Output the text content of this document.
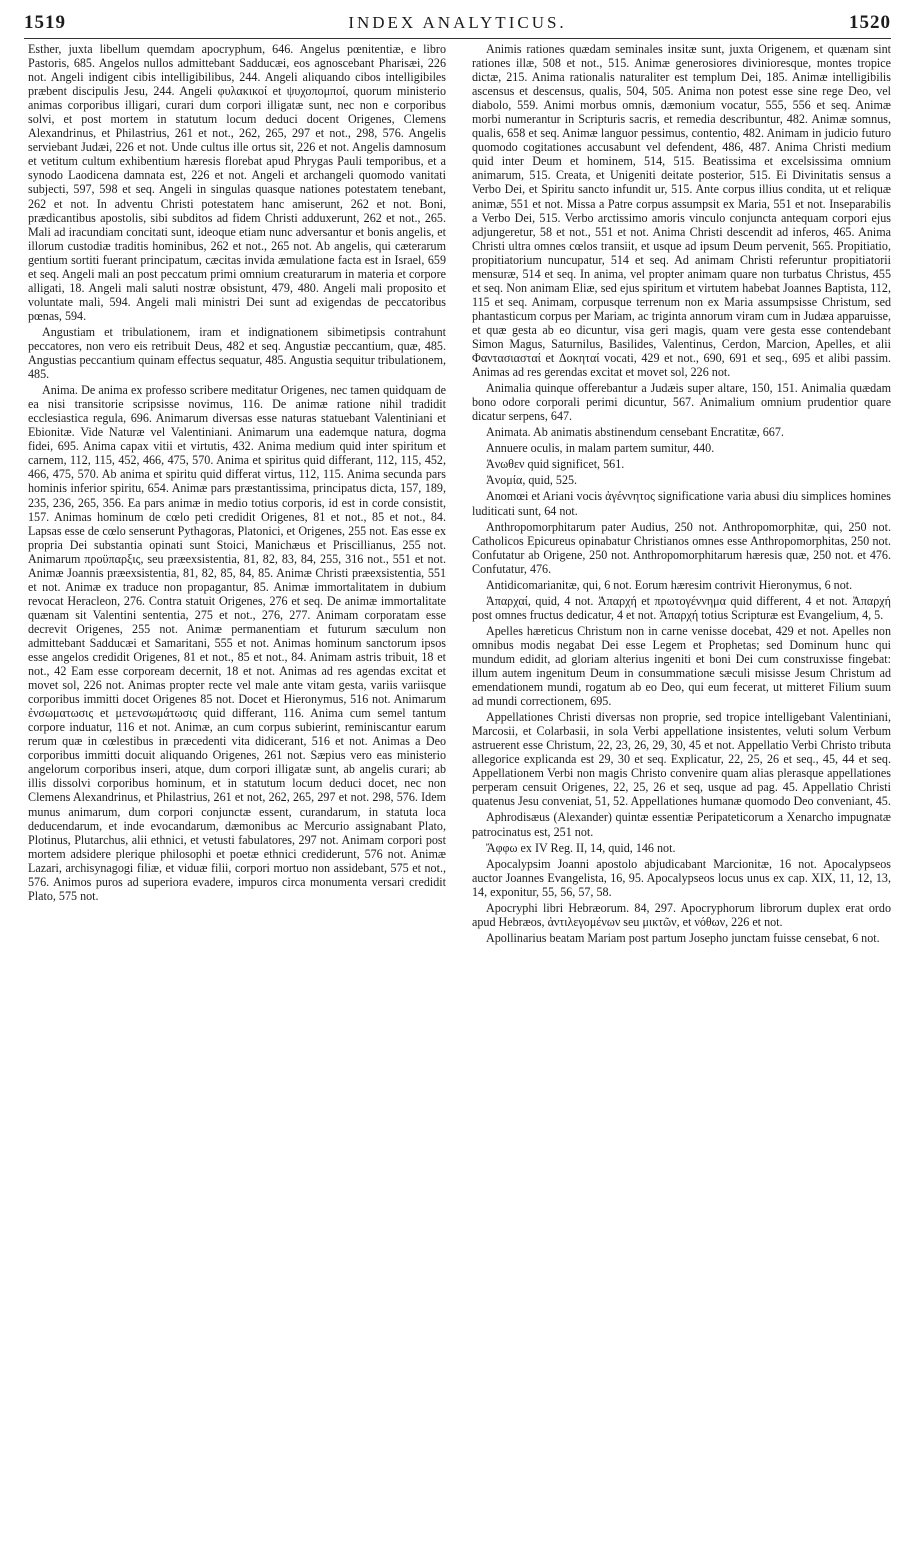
1519	INDEX ANALYTICUS.	1520

Esther, juxta libellum quemdam apocryphum, 646. Angelus pœnitentiæ, e libro Pastoris, 685. Angelos nullos admittebant Sadducæi, eos agnoscebant Pharisæi, 226 not. Angeli indigent cibis intelligibilibus, 244. Angeli aliquando cibos intelligibiles præbent discipulis Jesu, 244. Angeli φυλακικοί et ψυχοπομποί, quorum ministerio animas corporibus illigari, curari dum corpori illigatæ sunt, nec non e corporibus solvi, et post mortem in statutum locum deduci docent Origenes, Clemens Alexandrinus, et Philastrius, 261 et not., 262, 265, 297 et not., 298, 576. Angelis serviebant Judæi, 226 et not. Unde cultus ille ortus sit, 226 et not. Angelis damnosum et vetitum cultum exhibentium hæresis florebat apud Phrygas Pauli temporibus, et a synodo Laodicena damnata est, 226 et not. Angeli et archangeli quomodo vanitati subjecti, 597, 598 et seq. Angeli in singulas quasque nationes potestatem tenebant, 262 et not. In adventu Christi potestatem hanc amiserunt, 262 et not. Boni, prædicantibus apostolis, sibi subditos ad fidem Christi adduxerunt, 262 et not., 265. Mali ad iracundiam concitati sunt, ideoque etiam nunc adversantur et bonis angelis, et illorum custodiæ traditis hominibus, 262 et not., 265 not. Ab angelis, qui cæterarum gentium sortiti fuerant principatum, cæcitas invida æmulatione facta est in Israel, 659 et seq. Angeli mali an post peccatum primi omnium creaturarum in materia et corpore alligati, 18. Angeli mali saluti nostræ obsistunt, 479, 480. Angeli mali proposito et voluntate mali, 594. Angeli mali ministri Dei sunt ad exigendas de peccatoribus pœnas, 594.

Angustiam et tribulationem, iram et indignationem sibimetipsis contrahunt peccatores, non vero eis retribuit Deus, 482 et seq. Angustiæ peccantium, quæ, 485. Angustias peccantium quinam effectus sequatur, 485. Angustia sequitur tribulationem, 485.

Anima. De anima ex professo scribere meditatur Origenes, nec tamen quidquam de ea nisi transitorie scripsisse novimus, 116. De animæ ratione nihil tradidit ecclesiastica regula, 696. Animarum diversas esse naturas statuebant Valentiniani et Ebionitæ. Vide Naturæ vel Valentiniani. Animarum una eademque natura, dogma fidei, 695. Anima capax vitii et virtutis, 432. Anima medium quid inter spiritum et carnem, 112, 115, 452, 466, 475, 570. Anima et spiritus quid differant, 112, 115, 452, 466, 475, 570. Ab anima et spiritu quid differat virtus, 112, 115. Anima secunda pars hominis inferior spiritu, 654. Animæ pars præstantissima, principatus dicta, 157, 189, 235, 236, 265, 356. Ea pars animæ in medio totius corporis, id est in corde consistit, 157. Animas hominum de cœlo peti credidit Origenes, 81 et not., 85 et not., 84. Lapsas esse de cœlo senserunt Pythagoras, Platonici, et Origenes, 255 not. Eas esse ex propria Dei substantia opinati sunt Stoici, Manichæus et Priscillianus, 255 not. Animarum προϋπαρξις, seu præexsistentia, 81, 82, 83, 84, 255, 316 not., 551 et not. Animæ Joannis præexsistentia, 81, 82, 85, 84, 85. Animæ Christi præexsistentia, 551 et not. Animæ ex traduce non propagantur, 85. Animæ immortalitatem in dubium revocat Heracleon, 276. Contra statuit Origenes, 276 et seq. De animæ immortalitate quænam sit Valentini sententia, 275 et not., 276, 277. Animam corporatam esse decrevit Origenes, 255 not. Animæ permanentiam et futurum sæculum non admittebant Sadducæi et Samaritani, 555 et not. Animas hominum sanctorum ipsos esse angelos credidit Origenes, 81 et not., 85 et not., 84. Animam astris tribuit, 18 et not., 42 Eam esse corpoream decernit, 18 et not. Animas ad res agendas excitat et movet sol, 226 not. Animas propter recte vel male ante vitam gesta, variis variisque corporibus immitti docet Origenes 85 not. Docet et Hieronymus, 516 not. Animarum ἐνσωματωσις et μετενσωμάτωσις quid differant, 116. Anima cum semel tantum corpore induatur, 116 et not. Animæ, an cum corpus subierint, reminiscantur earum rerum quæ in cœlestibus in præcedenti vita didicerant, 516 et not. Animas a Deo corporibus immitti docuit aliquando Origenes, 261 not. Sæpius vero eas ministerio angelorum corporibus inseri, atque, dum corpori illigatæ sunt, ab angelis curari; ab illis dissolvi corporibus hominum, et in statutum locum deduci docet, nec non Clemens Alexandrinus, et Philastrius, 261 et not, 262, 265, 297 et not. 298, 576. Idem munus animarum, dum corpori conjunctæ essent, curandarum, in statuta loca deducendarum, et inde evocandarum, dæmonibus ac Mercurio assignabant Plato, Plotinus, Plutarchus, alii ethnici, et vetusti fabulatores, 297 not. Animam corpori post mortem adsidere plerique philosophi et poetæ ethnici crediderunt, 576 not. Animæ Lazari, archisynagogi filiæ, et viduæ filii, corpori mortuo non assidebant, 575 et not., 576. Animos puros ad superiora evadere, impuros circa monumenta versari credidit Plato, 575 not.

Animis rationes quædam seminales insitæ sunt, juxta Origenem, et quænam sint rationes illæ, 508 et not., 515. Animæ generosiores divinioresque, montes tropice dictæ, 215. Anima rationalis naturaliter est templum Dei, 185. Animæ intelligibilis ascensus et descensus, qualis, 504, 505. Anima non potest esse sine rege Deo, vel diabolo, 559. Animi morbus omnis, dæmonium vocatur, 555, 556 et seq. Animæ morbi numerantur in Scripturis sacris, et remedia describuntur, 482. Animæ somnus, qualis, 658 et seq. Animæ languor pessimus, contentio, 482. Animam in judicio futuro quomodo cogitationes accusabunt vel defendent, 486, 487. Anima Christi medium quid inter Deum et hominem, 514, 515. Beatissima et excelsissima omnium animarum, 515. Creata, et Unigeniti deitate posterior, 515. Ei Divinitatis sensus a Verbo Dei, et Spiritu sancto infundit ur, 515. Ante corpus illius condita, ut et reliquæ animæ, 551 et not. Missa a Patre corpus assumpsit ex Maria, 551 et not. Inseparabilis a Verbo Dei, 515. Verbo arctissimo amoris vinculo conjuncta antequam corpori ejus adjungeretur, 58 et not., 551 et not. Anima Christi descendit ad inferos, 465. Anima Christi ultra omnes cœlos transiit, et usque ad ipsum Deum pervenit, 565. Propitiatio, propitiatorium nuncupatur, 514 et seq. Ad animam Christi referuntur propitiatorii mensuræ, 514 et seq. In anima, vel propter animam quare non turbatus Christus, 455 et seq. Non animam Eliæ, sed ejus spiritum et virtutem habebat Joannes Baptista, 112, 115 et seq. Animam, corpusque terrenum non ex Maria assumpsisse Christum, sed phantasticum corpus per Mariam, ac triginta annorum viram cum in Judæa apparuisse, et quæ gesta ab eo dicuntur, visa geri magis, quam vere gesta esse contendebant Simon Magus, Saturnilus, Basilides, Valentinus, Cerdon, Marcion, Apelles, et alii Φαντασιασταί et Δοκηταί vocati, 429 et not., 690, 691 et seq., 695 et alibi passim. Animas ad res gerendas excitat et movet sol, 226 not.

Animalia quinque offerebantur a Judæis super altare, 150, 151. Animalia quædam bono odore corporali perimi dicuntur, 567. Animalium omnium prudentior quare dicatur serpens, 647.

Animata. Ab animatis abstinendum censebant Encratitæ, 667.

Annuere oculis, in malam partem sumitur, 440.

Ἀνωθεν quid significet, 561.

Ἀνομία, quid, 525.

Anomœi et Ariani vocis ἀγέννητος significatione varia abusi diu simplices homines luditicati sunt, 64 not.

Anthropomorphitarum pater Audius, 250 not. Anthropomorphitæ, qui, 250 not. Catholicos Epicureus opinabatur Christianos omnes esse Anthropomorphitas, 250 not. Confutatur ab Origene, 250 not. Anthropomorphitarum hæresis quæ, 250 not. et 476. Confutatur, 476.

Antidicomarianitæ, qui, 6 not. Eorum hæresim contrivit Hieronymus, 6 not.

Ἀπαρχαί, quid, 4 not. Ἀπαρχή et πρωτογέννημα quid different, 4 et not. Ἀπαρχή post omnes fructus dedicatur, 4 et not. Ἀπαρχή totius Scripturæ est Evangelium, 4, 5.

Apelles hæreticus Christum non in carne venisse docebat, 429 et not. Apelles non omnibus modis negabat Dei esse Legem et Prophetas; sed Dominum hunc qui mundum edidit, ad gloriam alterius ingeniti et boni Dei cum construxisse fingebat: illum autem ingenitum Deum in consummatione sæculi misisse Jesum Christum ad emendationem mundi, rogatum ab eo Deo, qui eum fecerat, ut mitteret Filium suum ad mundi correctionem, 695.

Appellationes Christi diversas non proprie, sed tropice intelligebant Valentiniani, Marcosii, et Colarbasii, in sola Verbi appellatione insistentes, veluti solum Verbum astruerent esse Christum, 22, 23, 26, 29, 30, 45 et not. Appellatio Verbi Christo tributa allegorice explicanda est 29, 30 et seq. Explicatur, 22, 25, 26 et seq., 45, 44 et seq. Appellationem Verbi non magis Christo convenire quam alias plerasque appellationes perperam censuit Origenes, 22, 25, 26 et seq, usque ad pag. 45. Appellatio Christi quatenus Jesu conveniat, 51, 52. Appellationes humanæ quomodo Deo conveniant, 45.

Aphrodisæus (Alexander) quintæ essentiæ Peripateticorum a Xenarcho impugnatæ patrocinatus est, 251 not.

Ἄφφω ex IV Reg. II, 14, quid, 146 not.

Apocalypsim Joanni apostolo abjudicabant Marcionitæ, 16 not. Apocalypseos auctor Joannes Evangelista, 16, 95. Apocalypseos locus unus ex cap. XIX, 11, 12, 13, 14, exponitur, 55, 56, 57, 58.

Apocryphi libri Hebræorum. 84, 297. Apocryphorum librorum duplex erat ordo apud Hebræos, ἀντιλεγομένων seu μικτῶν, et νόθων, 226 et not.

Apollinarius beatam Mariam post partum Josepho junctam fuisse censebat, 6 not.
